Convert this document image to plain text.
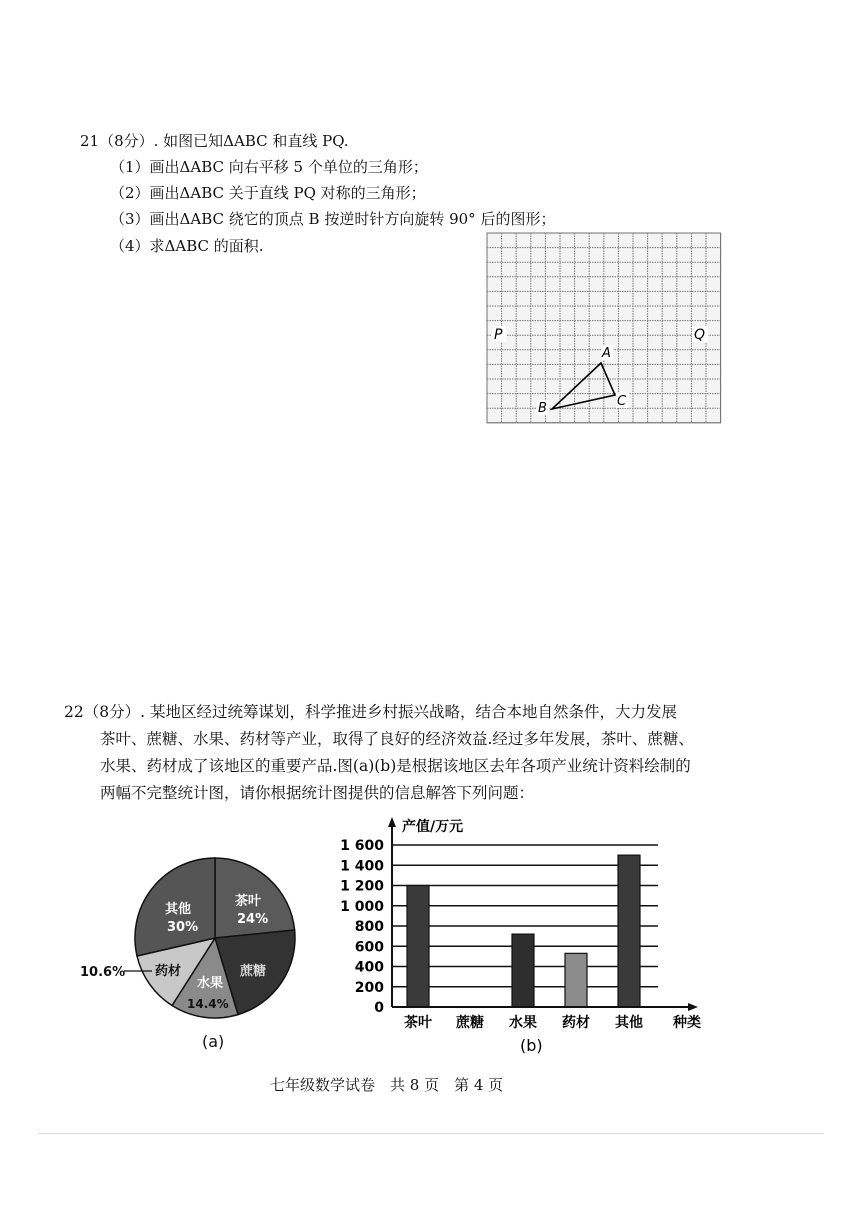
21（8分）. 如图已知ΔABC 和直线 PQ.
（1）画出ΔABC 向右平移 5 个单位的三角形；
（2）画出ΔABC 关于直线 PQ 对称的三角形；
（3）画出ΔABC 绕它的顶点 B 按逆时针方向旋转 90° 后的图形；
（4）求ΔABC 的面积.
P	Q
A
B	C
22（8分）. 某地区经过统筹谋划，科学推进乡村振兴战略，结合本地自然条件，大力发展
茶叶、蔗糖、水果、药材等产业，取得了良好的经济效益.经过多年发展，茶叶、蔗糖、
水果、药材成了该地区的重要产品.图(a)(b)是根据该地区去年各项产业统计资料绘制的
两幅不完整统计图，请你根据统计图提供的信息解答下列问题：
茶叶
24%
其他
30%
蔗糖
水果
14.4%
药材
10.6%
(a)
0
200
400
600
800
1 000
1 200
1 400
1 600
茶叶 蔗糖 水果 药材 其他
产值/万元
种类
(b)
七年级数学试卷　共 8 页　第 4 页
